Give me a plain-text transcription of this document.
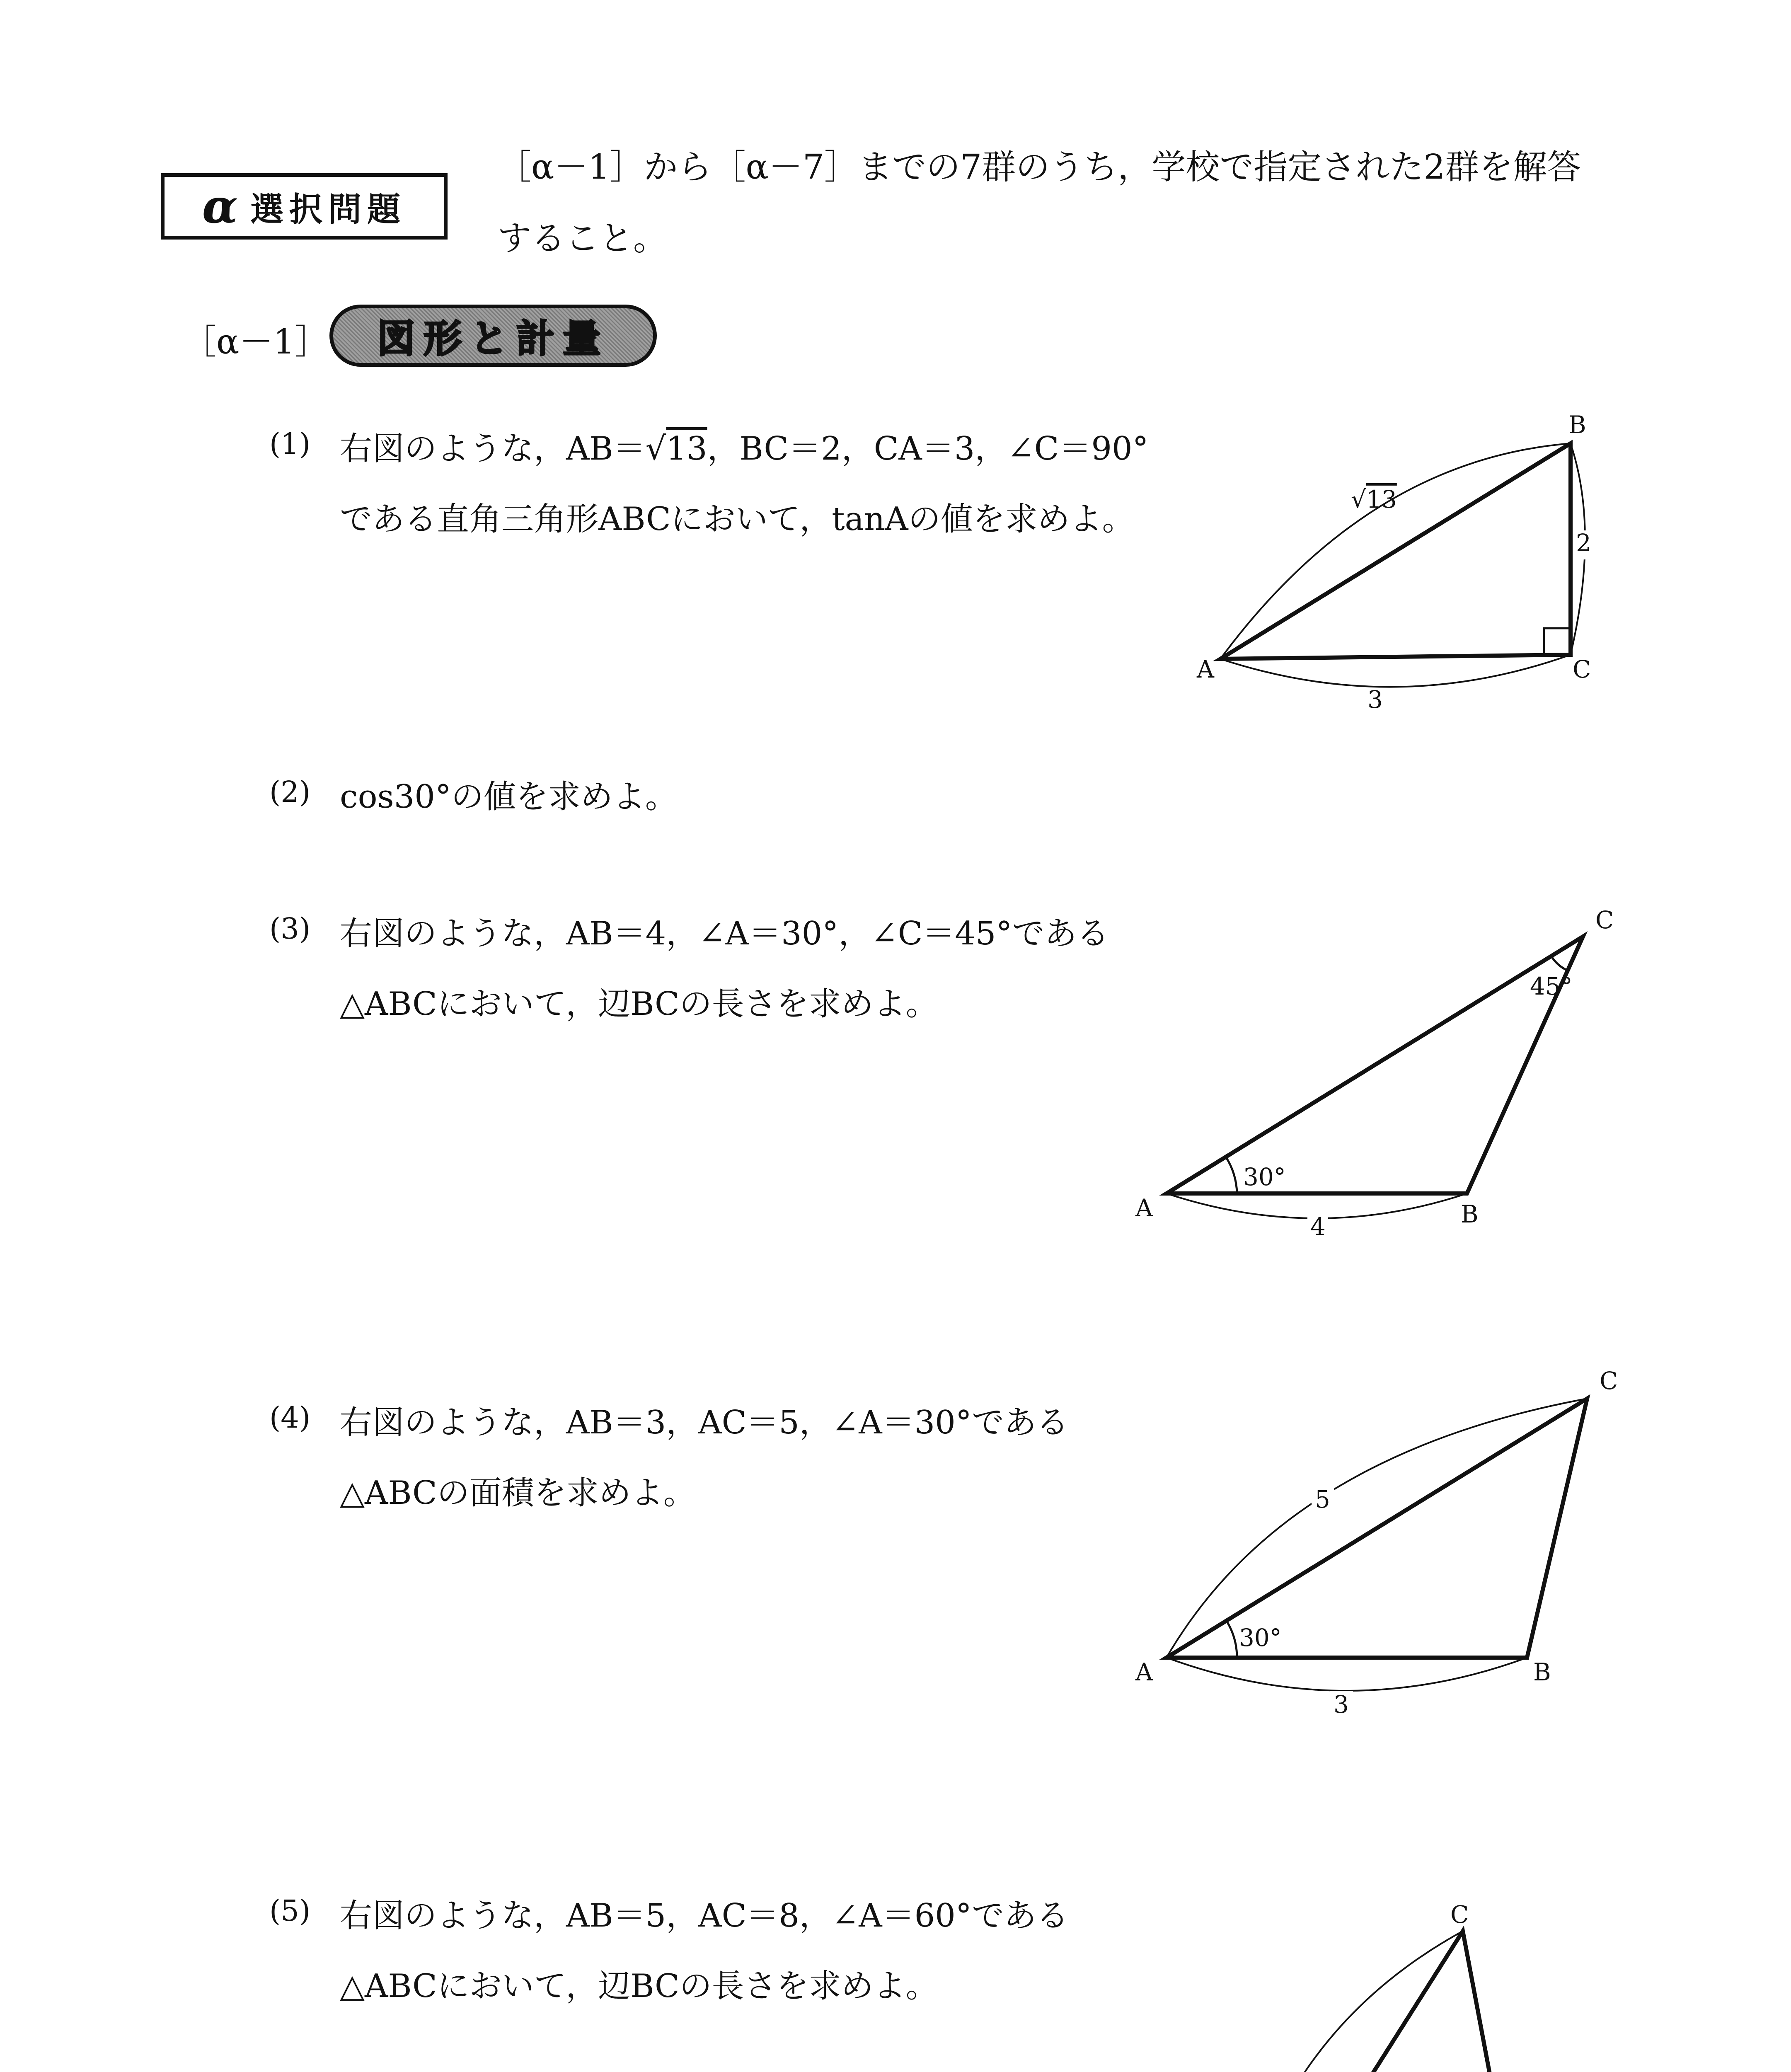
α 選択問題
［α－1］から［α－7］までの7群のうち，学校で指定された2群を解答
すること。
［α－1］ 図形と計量
(1) 右図のような，AB＝√13，BC＝2，CA＝3，∠C＝90°
である直角三角形ABCにおいて，tanAの値を求めよ。
A
B
C
√ 13
2
3
(2) cos30°の値を求めよ。
(3) 右図のような，AB＝4，∠A＝30°，∠C＝45°である
△ABCにおいて，辺BCの長さを求めよ。
A	B
C
30°
45°
4
(4) 右図のような，AB＝3，AC＝5，∠A＝30°である
△ABCの面積を求めよ。
A	B
C
30°
5
3
(5) 右図のような，AB＝5，AC＝8，∠A＝60°である
△ABCにおいて，辺BCの長さを求めよ。
C
